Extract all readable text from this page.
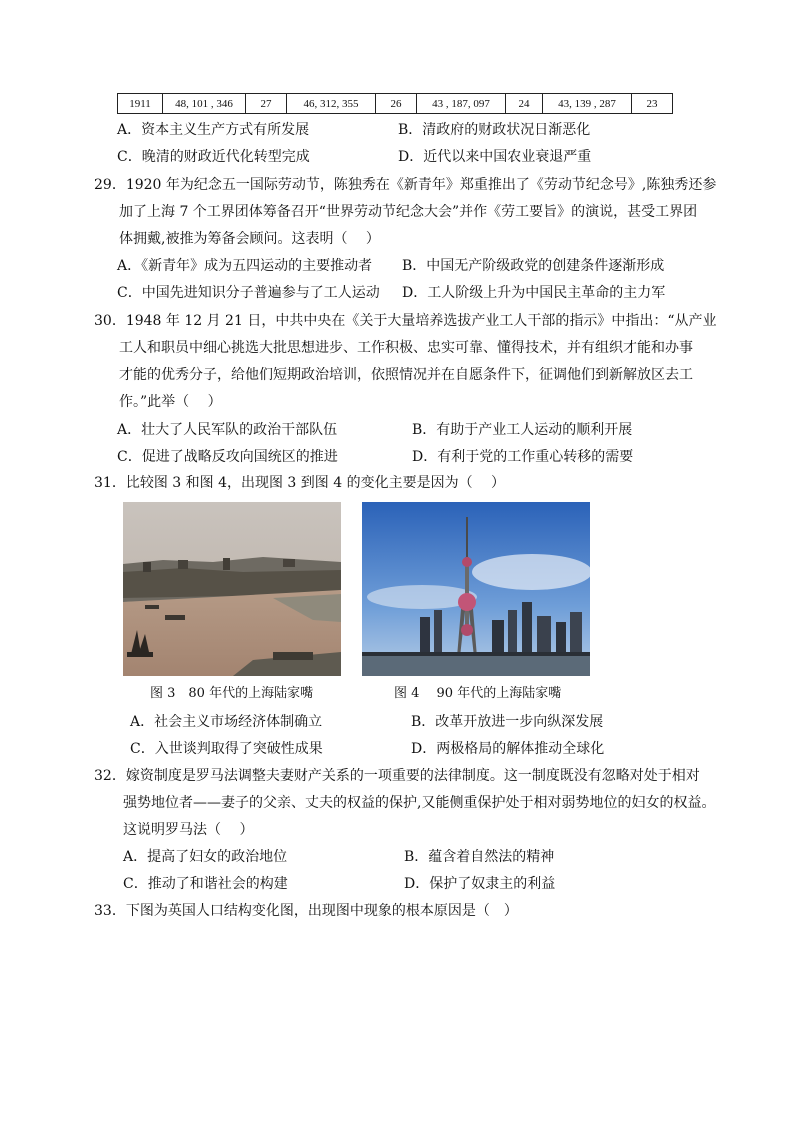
1911	48, 101 , 346	27	46, 312, 355	26	43 , 187, 097	24	43, 139 , 287	23
A．资本主义生产方式有所发展	B．清政府的财政状况日渐恶化
C．晚清的财政近代化转型完成	D．近代以来中国农业衰退严重
29．1920 年为纪念五一国际劳动节，陈独秀在《新青年》郑重推出了《劳动节纪念号》,陈独秀还参
加了上海 7 个工界团体筹备召开“世界劳动节纪念大会”并作《劳工要旨》的演说，甚受工界团
体拥戴,被推为筹备会顾问。这表明（　 ）
A．《新青年》成为五四运动的主要推动者 B．中国无产阶级政党的创建条件逐渐形成
C．中国先进知识分子普遍参与了工人运动 D．工人阶级上升为中国民主革命的主力军
30．1948 年 12 月 21 日，中共中央在《关于大量培养选拔产业工人干部的指示》中指出：“从产业
工人和职员中细心挑选大批思想进步、工作积极、忠实可靠、懂得技术，并有组织才能和办事
才能的优秀分子，给他们短期政治培训，依照情况并在自愿条件下，征调他们到新解放区去工
作。”此举（　 ）
A．壮大了人民军队的政治干部队伍	B．有助于产业工人运动的顺利开展
C．促进了战略反攻向国统区的推进	D．有利于党的工作重心转移的需要
31．比较图 3 和图 4，出现图 3 到图 4 的变化主要是因为（　 ）
图 3　80 年代的上海陆家嘴	图 4　 90 年代的上海陆家嘴
A．社会主义市场经济体制确立	B．改革开放进一步向纵深发展
C．入世谈判取得了突破性成果	D．两极格局的解体推动全球化
32．嫁资制度是罗马法调整夫妻财产关系的一项重要的法律制度。这一制度既没有忽略对处于相对
强势地位者——妻子的父亲、丈夫的权益的保护,又能侧重保护处于相对弱势地位的妇女的权益。
这说明罗马法（　 ）
A．提高了妇女的政治地位	B．蕴含着自然法的精神
C．推动了和谐社会的构建	D．保护了奴隶主的利益
33．下图为英国人口结构变化图，出现图中现象的根本原因是（　）
